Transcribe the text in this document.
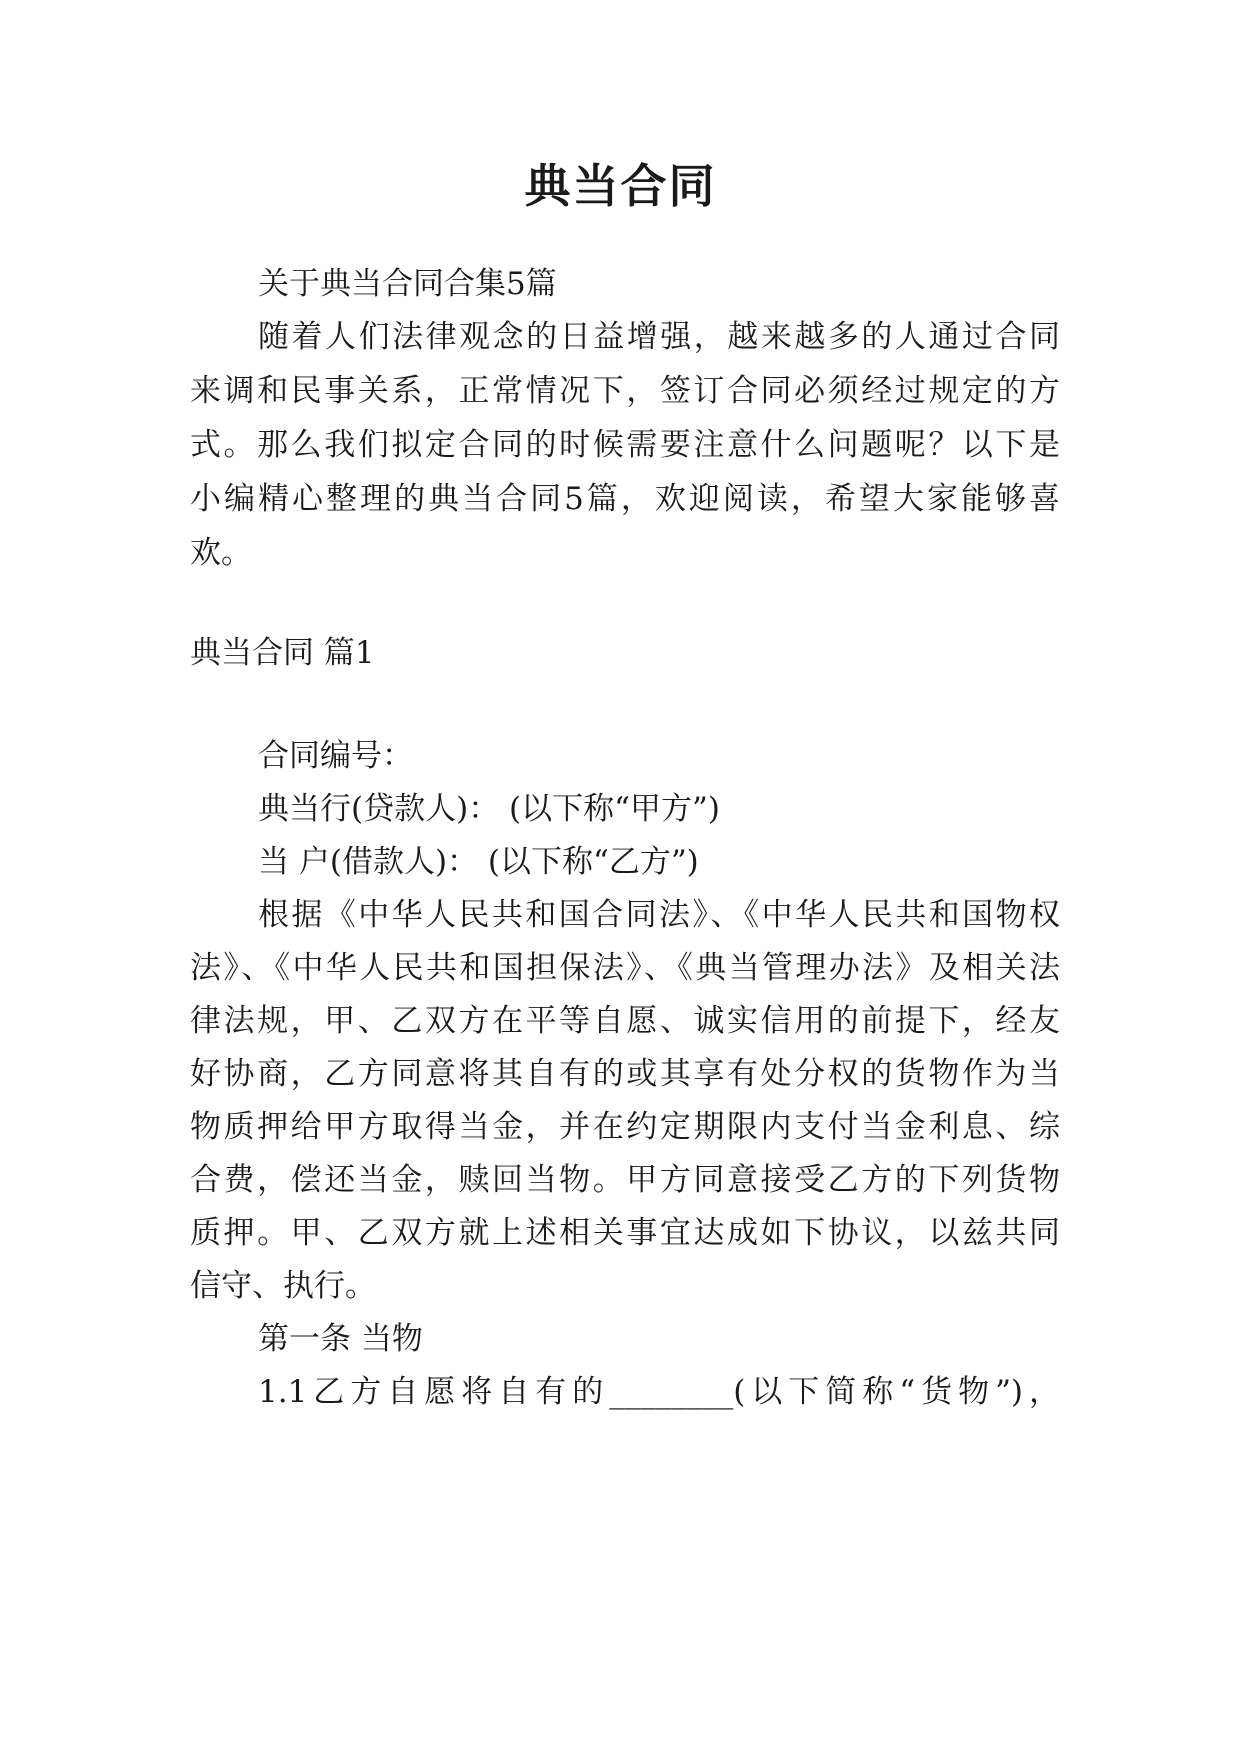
典当合同
关于典当合同合集5篇
随着人们法律观念的日益增强，越来越多的人通过合同
来调和民事关系，正常情况下，签订合同必须经过规定的方
式。那么我们拟定合同的时候需要注意什么问题呢？以下是
小编精心整理的典当合同5篇，欢迎阅读，希望大家能够喜
欢。
典当合同 篇1
合同编号：
典当行(贷款人)： (以下称“甲方”)
当 户(借款人)： (以下称“乙方”)
根据《中华人民共和国合同法》、《中华人民共和国物权
法》、《中华人民共和国担保法》、《典当管理办法》及相关法
律法规，甲、乙双方在平等自愿、诚实信用的前提下，经友
好协商，乙方同意将其自有的或其享有处分权的货物作为当
物质押给甲方取得当金，并在约定期限内支付当金利息、综
合费，偿还当金，赎回当物。甲方同意接受乙方的下列货物
质押。甲、乙双方就上述相关事宜达成如下协议，以兹共同
信守、执行。
第一条 当物
1.1乙方自愿将自有的________(以下简称“货物”)，
